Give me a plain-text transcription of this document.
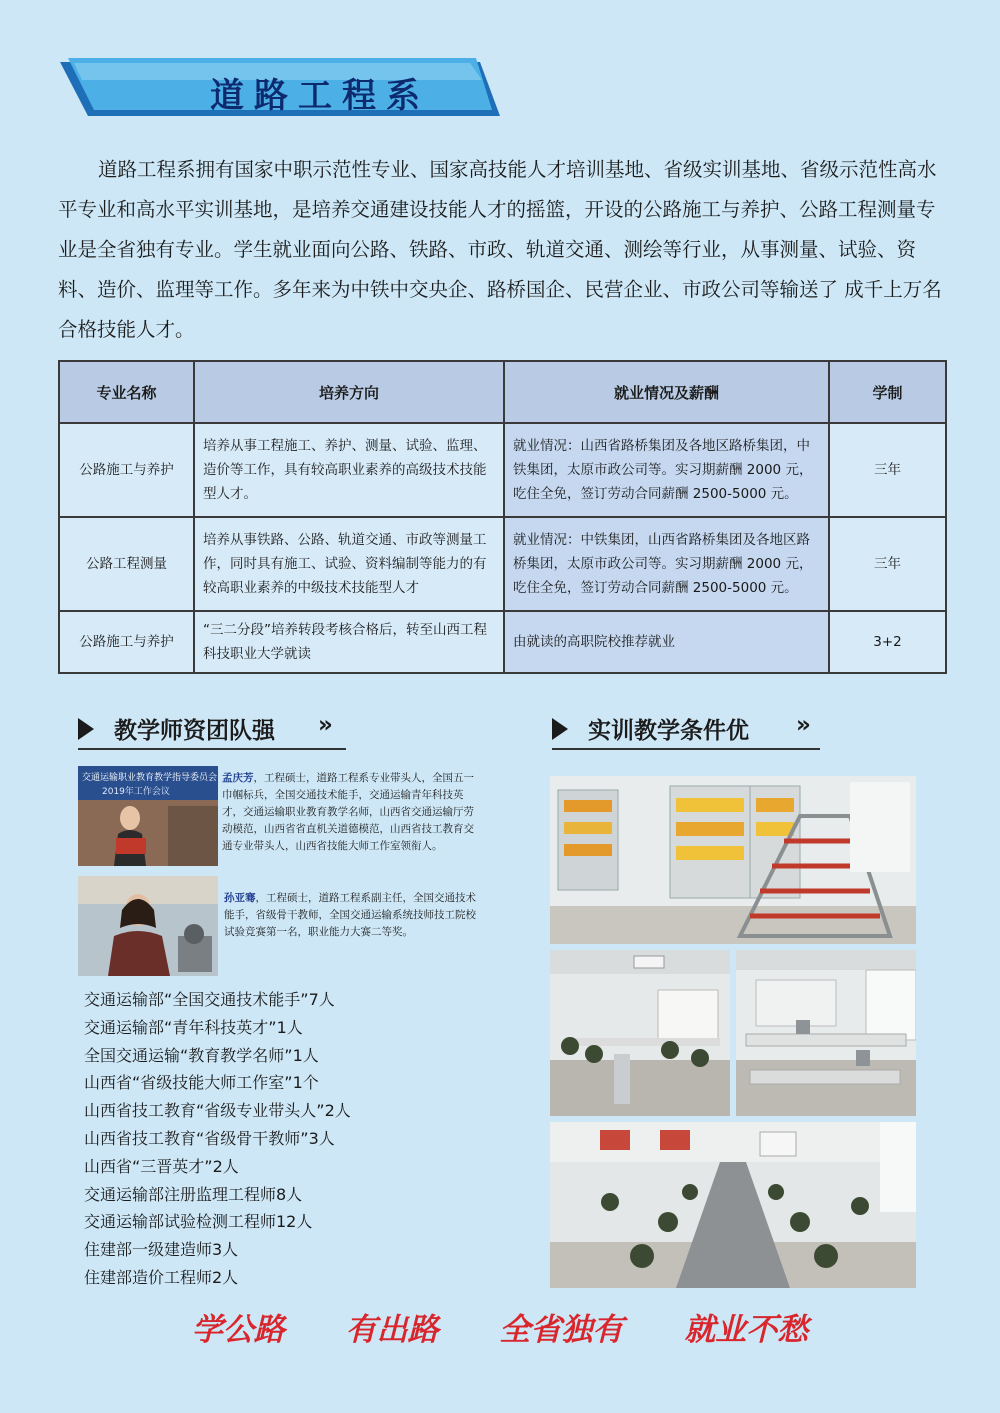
道路工程系
道路工程系拥有国家中职示范性专业、国家高技能人才培训基地、省级实训基地、省级示范性高水平专业和高水平实训基地，是培养交通建设技能人才的摇篮，开设的公路施工与养护、公路工程测量专业是全省独有专业。学生就业面向公路、铁路、市政、轨道交通、测绘等行业，从事测量、试验、资料、造价、监理等工作。多年来为中铁中交央企、路桥国企、民营企业、市政公司等输送了 成千上万名合格技能人才。
专业名称	培养方向	就业情况及薪酬	学制
公路施工与养护	培养从事工程施工、养护、测量、试验、监理、造价等工作，具有较高职业素养的高级技术技能型人才。	就业情况：山西省路桥集团及各地区路桥集团，中铁集团，太原市政公司等。实习期薪酬 2000 元，吃住全免，签订劳动合同薪酬 2500-5000 元。	三年
公路工程测量	培养从事铁路、公路、轨道交通、市政等测量工作，同时具有施工、试验、资料编制等能力的有较高职业素养的中级技术技能型人才	就业情况：中铁集团，山西省路桥集团及各地区路桥集团，太原市政公司等。实习期薪酬 2000 元，吃住全免，签订劳动合同薪酬 2500-5000 元。	三年
公路施工与养护	“三二分段”培养转段考核合格后，转至山西工程科技职业大学就读	由就读的高职院校推荐就业	3+2
教学师资团队强 »	实训教学条件优 »
交通运输职业教育教学指导委员会
2019年工作会议
孟庆芳，工程硕士，道路工程系专业带头人，全国五一巾帼标兵，全国交通技术能手，交通运输青年科技英才，交通运输职业教育教学名师，山西省交通运输厅劳动模范，山西省省直机关道德模范，山西省技工教育交通专业带头人，山西省技能大师工作室领衔人。
孙亚骞，工程硕士，道路工程系副主任，全国交通技术能手，省级骨干教师，全国交通运输系统技师技工院校试验竞赛第一名，职业能力大赛二等奖。
交通运输部“全国交通技术能手”7人
交通运输部“青年科技英才”1人
全国交通运输“教育教学名师”1人
山西省“省级技能大师工作室”1个
山西省技工教育“省级专业带头人”2人
山西省技工教育“省级骨干教师”3人
山西省“三晋英才”2人
交通运输部注册监理工程师8人
交通运输部试验检测工程师12人
住建部一级建造师3人
住建部造价工程师2人
学公路 有出路 全省独有 就业不愁
